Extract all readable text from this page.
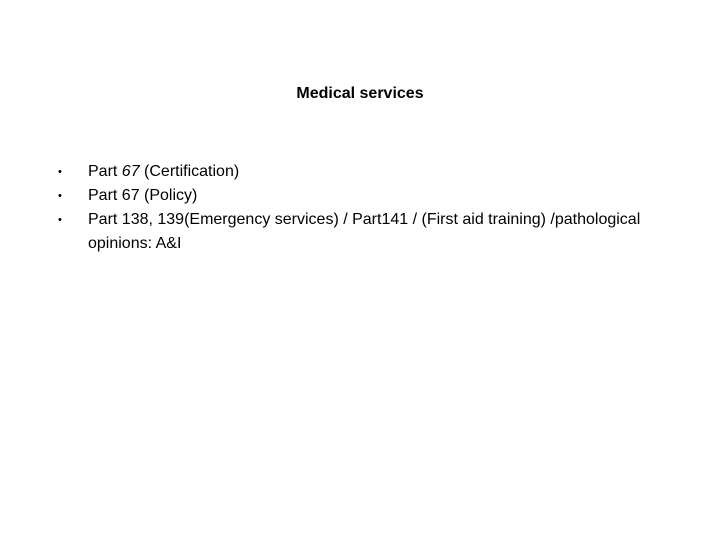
Medical services
•	Part 67 (Certification)
•	Part 67 (Policy)
•	Part 138, 139(Emergency services) / Part141 / (First aid training) /pathological opinions: A&I
